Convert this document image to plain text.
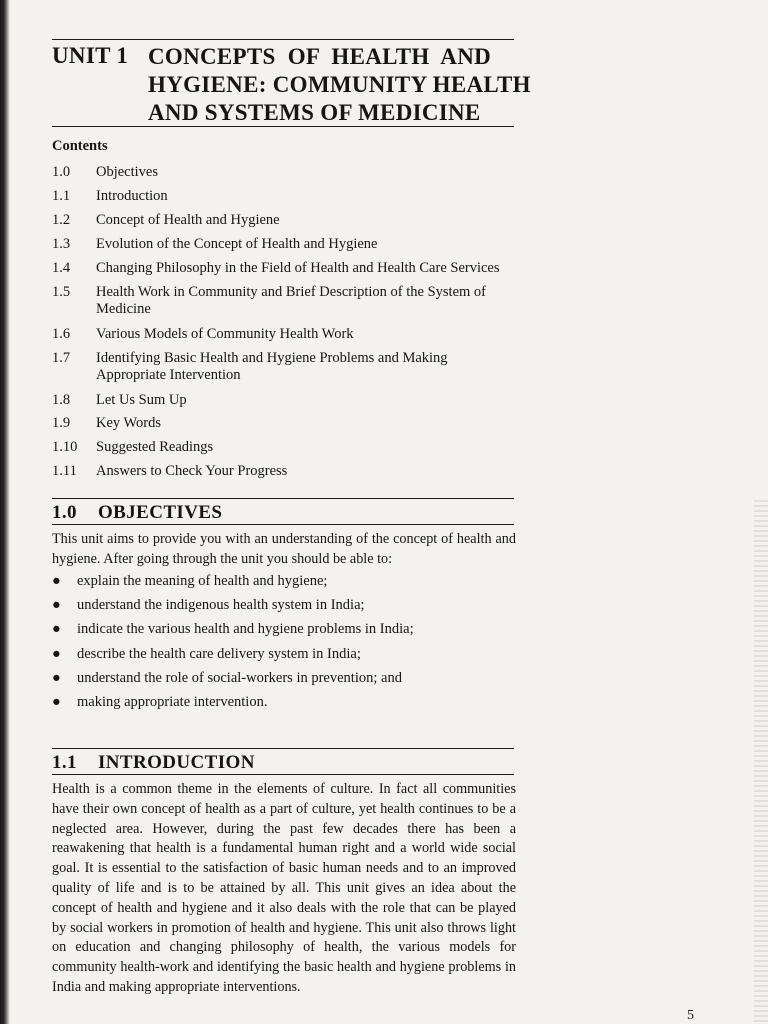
UNIT 1 CONCEPTS OF HEALTH AND
HYGIENE: COMMUNITY HEALTH
AND SYSTEMS OF MEDICINE
Contents
1.0 Objectives
1.1 Introduction
1.2 Concept of Health and Hygiene
1.3 Evolution of the Concept of Health and Hygiene
1.4 Changing Philosophy in the Field of Health and Health Care Services
1.5 Health Work in Community and Brief Description of the System of Medicine
1.6 Various Models of Community Health Work
1.7 Identifying Basic Health and Hygiene Problems and Making Appropriate Intervention
1.8 Let Us Sum Up
1.9 Key Words
1.10 Suggested Readings
1.11 Answers to Check Your Progress
1.0 OBJECTIVES
This unit aims to provide you with an understanding of the concept of health and hygiene. After going through the unit you should be able to:
● explain the meaning of health and hygiene;
● understand the indigenous health system in India;
● indicate the various health and hygiene problems in India;
● describe the health care delivery system in India;
● understand the role of social-workers in prevention; and
● making appropriate intervention.
1.1 INTRODUCTION
Health is a common theme in the elements of culture. In fact all communities have their own concept of health as a part of culture, yet health continues to be a neglected area. However, during the past few decades there has been a reawakening that health is a fundamental human right and a world wide social goal. It is essential to the satisfaction of basic human needs and to an improved quality of life and is to be attained by all. This unit gives an idea about the concept of health and hygiene and it also deals with the role that can be played by social workers in promotion of health and hygiene. This unit also throws light on education and changing philosophy of health, the various models for community health-work and identifying the basic health and hygiene problems in India and making appropriate interventions.
5
